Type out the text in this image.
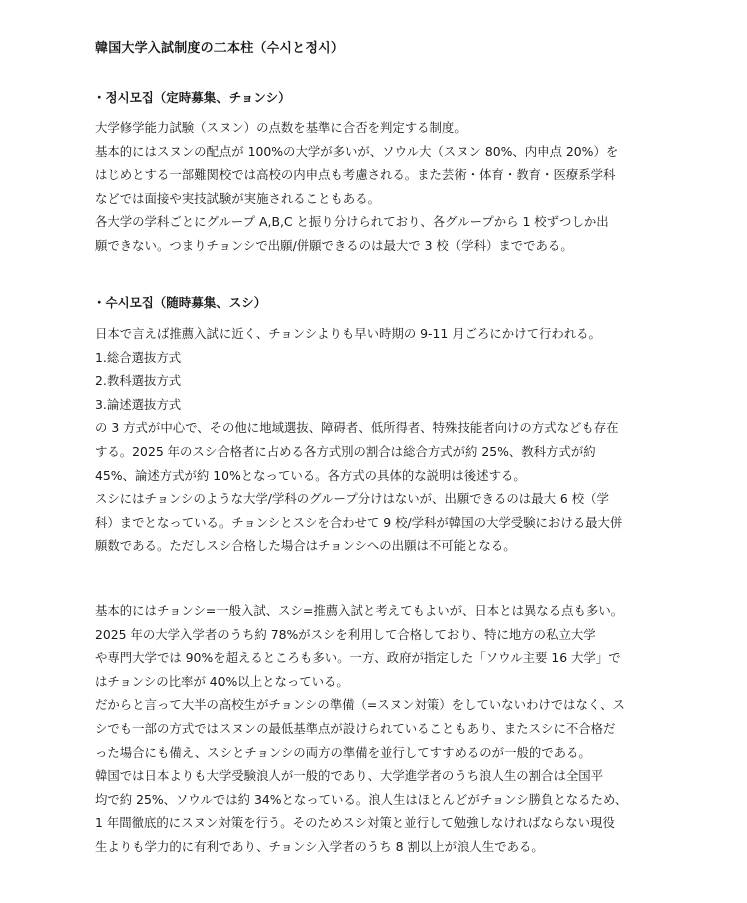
韓国大学入試制度の二本柱（수시と정시）
・정시모집（定時募集、チョンシ）
大学修学能力試験（スヌン）の点数を基準に合否を判定する制度。
基本的にはスヌンの配点が 100%の大学が多いが、ソウル大（スヌン 80%、内申点 20%）を
はじめとする一部難関校では高校の内申点も考慮される。また芸術・体育・教育・医療系学科
などでは面接や実技試験が実施されることもある。
各大学の学科ごとにグループ A,B,C と振り分けられており、各グループから 1 校ずつしか出
願できない。つまりチョンシで出願/併願できるのは最大で 3 校（学科）までである。
・수시모집（随時募集、スシ）
日本で言えば推薦入試に近く、チョンシよりも早い時期の 9-11 月ごろにかけて行われる。
1.総合選抜方式
2.教科選抜方式
3.論述選抜方式
の 3 方式が中心で、その他に地域選抜、障碍者、低所得者、特殊技能者向けの方式なども存在
する。2025 年のスシ合格者に占める各方式別の割合は総合方式が約 25%、教科方式が約
45%、論述方式が約 10%となっている。各方式の具体的な説明は後述する。
スシにはチョンシのような大学/学科のグループ分けはないが、出願できるのは最大 6 校（学
科）までとなっている。チョンシとスシを合わせて 9 校/学科が韓国の大学受験における最大併
願数である。ただしスシ合格した場合はチョンシへの出願は不可能となる。
基本的にはチョンシ=一般入試、スシ=推薦入試と考えてもよいが、日本とは異なる点も多い。
2025 年の大学入学者のうち約 78%がスシを利用して合格しており、特に地方の私立大学
や専門大学では 90%を超えるところも多い。一方、政府が指定した「ソウル主要 16 大学」で
はチョンシの比率が 40%以上となっている。
だからと言って大半の高校生がチョンシの準備（=スヌン対策）をしていないわけではなく、ス
シでも一部の方式ではスヌンの最低基準点が設けられていることもあり、またスシに不合格だ
った場合にも備え、スシとチョンシの両方の準備を並行してすすめるのが一般的である。
韓国では日本よりも大学受験浪人が一般的であり、大学進学者のうち浪人生の割合は全国平
均で約 25%、ソウルでは約 34%となっている。浪人生はほとんどがチョンシ勝負となるため、
1 年間徹底的にスヌン対策を行う。そのためスシ対策と並行して勉強しなければならない現役
生よりも学力的に有利であり、チョンシ入学者のうち 8 割以上が浪人生である。
